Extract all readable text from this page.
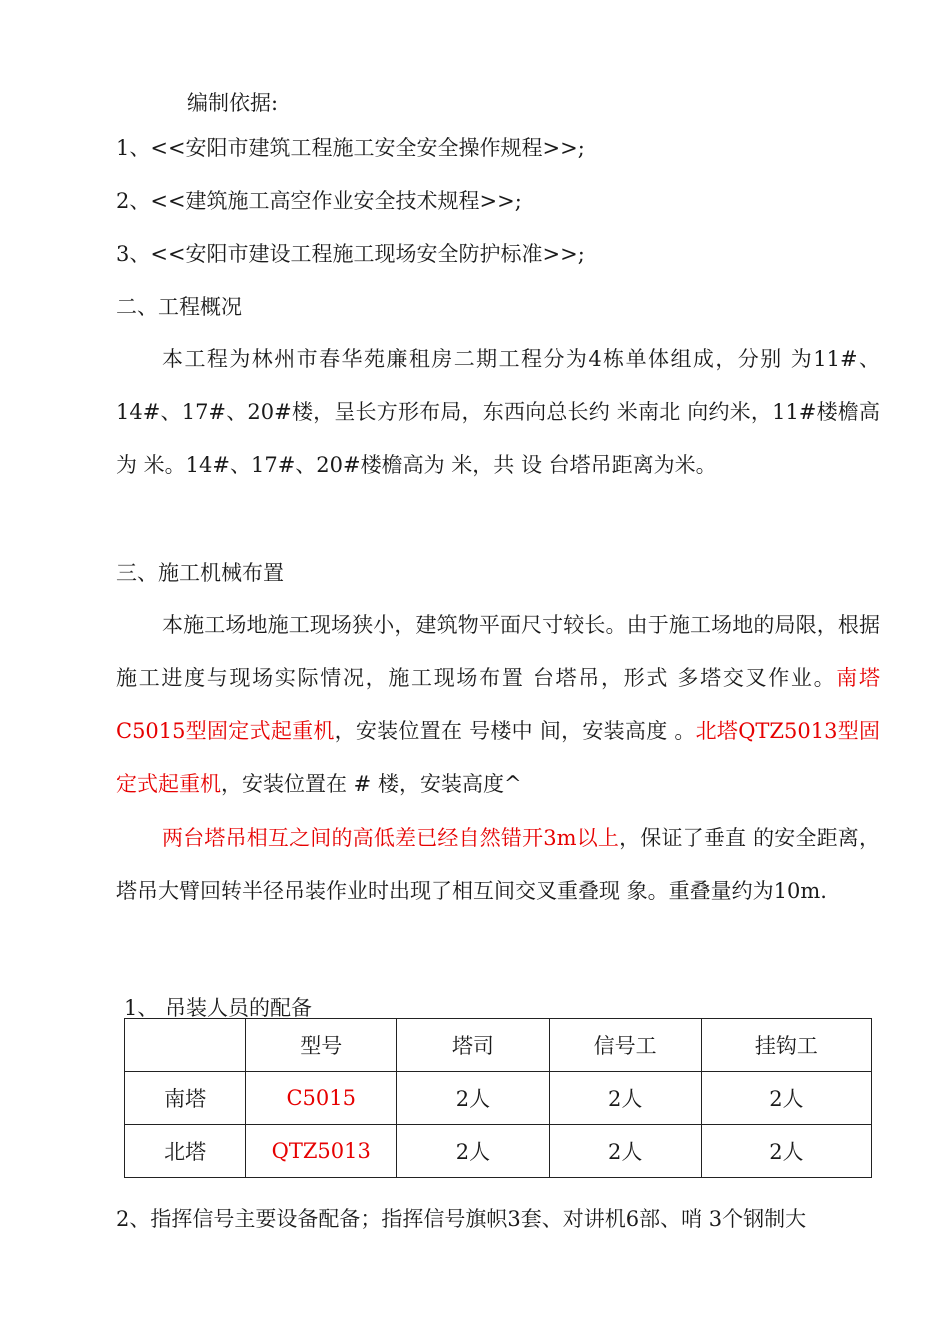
编制依据:
1、<<安阳市建筑工程施工安全安全操作规程>>;
2、<<建筑施工高空作业安全技术规程>>;
3、<<安阳市建设工程施工现场安全防护标准>>;
二、工程概况
本工程为林州市春华苑廉租房二期工程分为4栋单体组成，分别 为11#、14#、17#、20#楼，呈长方形布局，东西向总长约 米南北 向约米，11#楼檐高为 米。14#、17#、20#楼檐高为 米，共 设 台塔吊距离为米。
三、施工机械布置
本施工场地施工现场狭小，建筑物平面尺寸较长。由于施工场地的局限，根据施工进度与现场实际情况，施工现场布置 台塔吊，形式 多塔交叉作业。南塔C5015型固定式起重机，安装位置在 号楼中 间，安装高度 。北塔QTZ5013型固定式起重机，安装位置在 # 楼，安装高度^
两台塔吊相互之间的高低差已经自然错开3m以上，保证了垂直 的安全距离，塔吊大臂回转半径吊装作业时出现了相互间交叉重叠现 象。重叠量约为10m.
1、 吊装人员的配备
	型号	塔司	信号工	挂钩工
南塔	C5015	2人	2人	2人
北塔	QTZ5013	2人	2人	2人
2、指挥信号主要设备配备；指挥信号旗帜3套、对讲机6部、哨 3个钢制大
